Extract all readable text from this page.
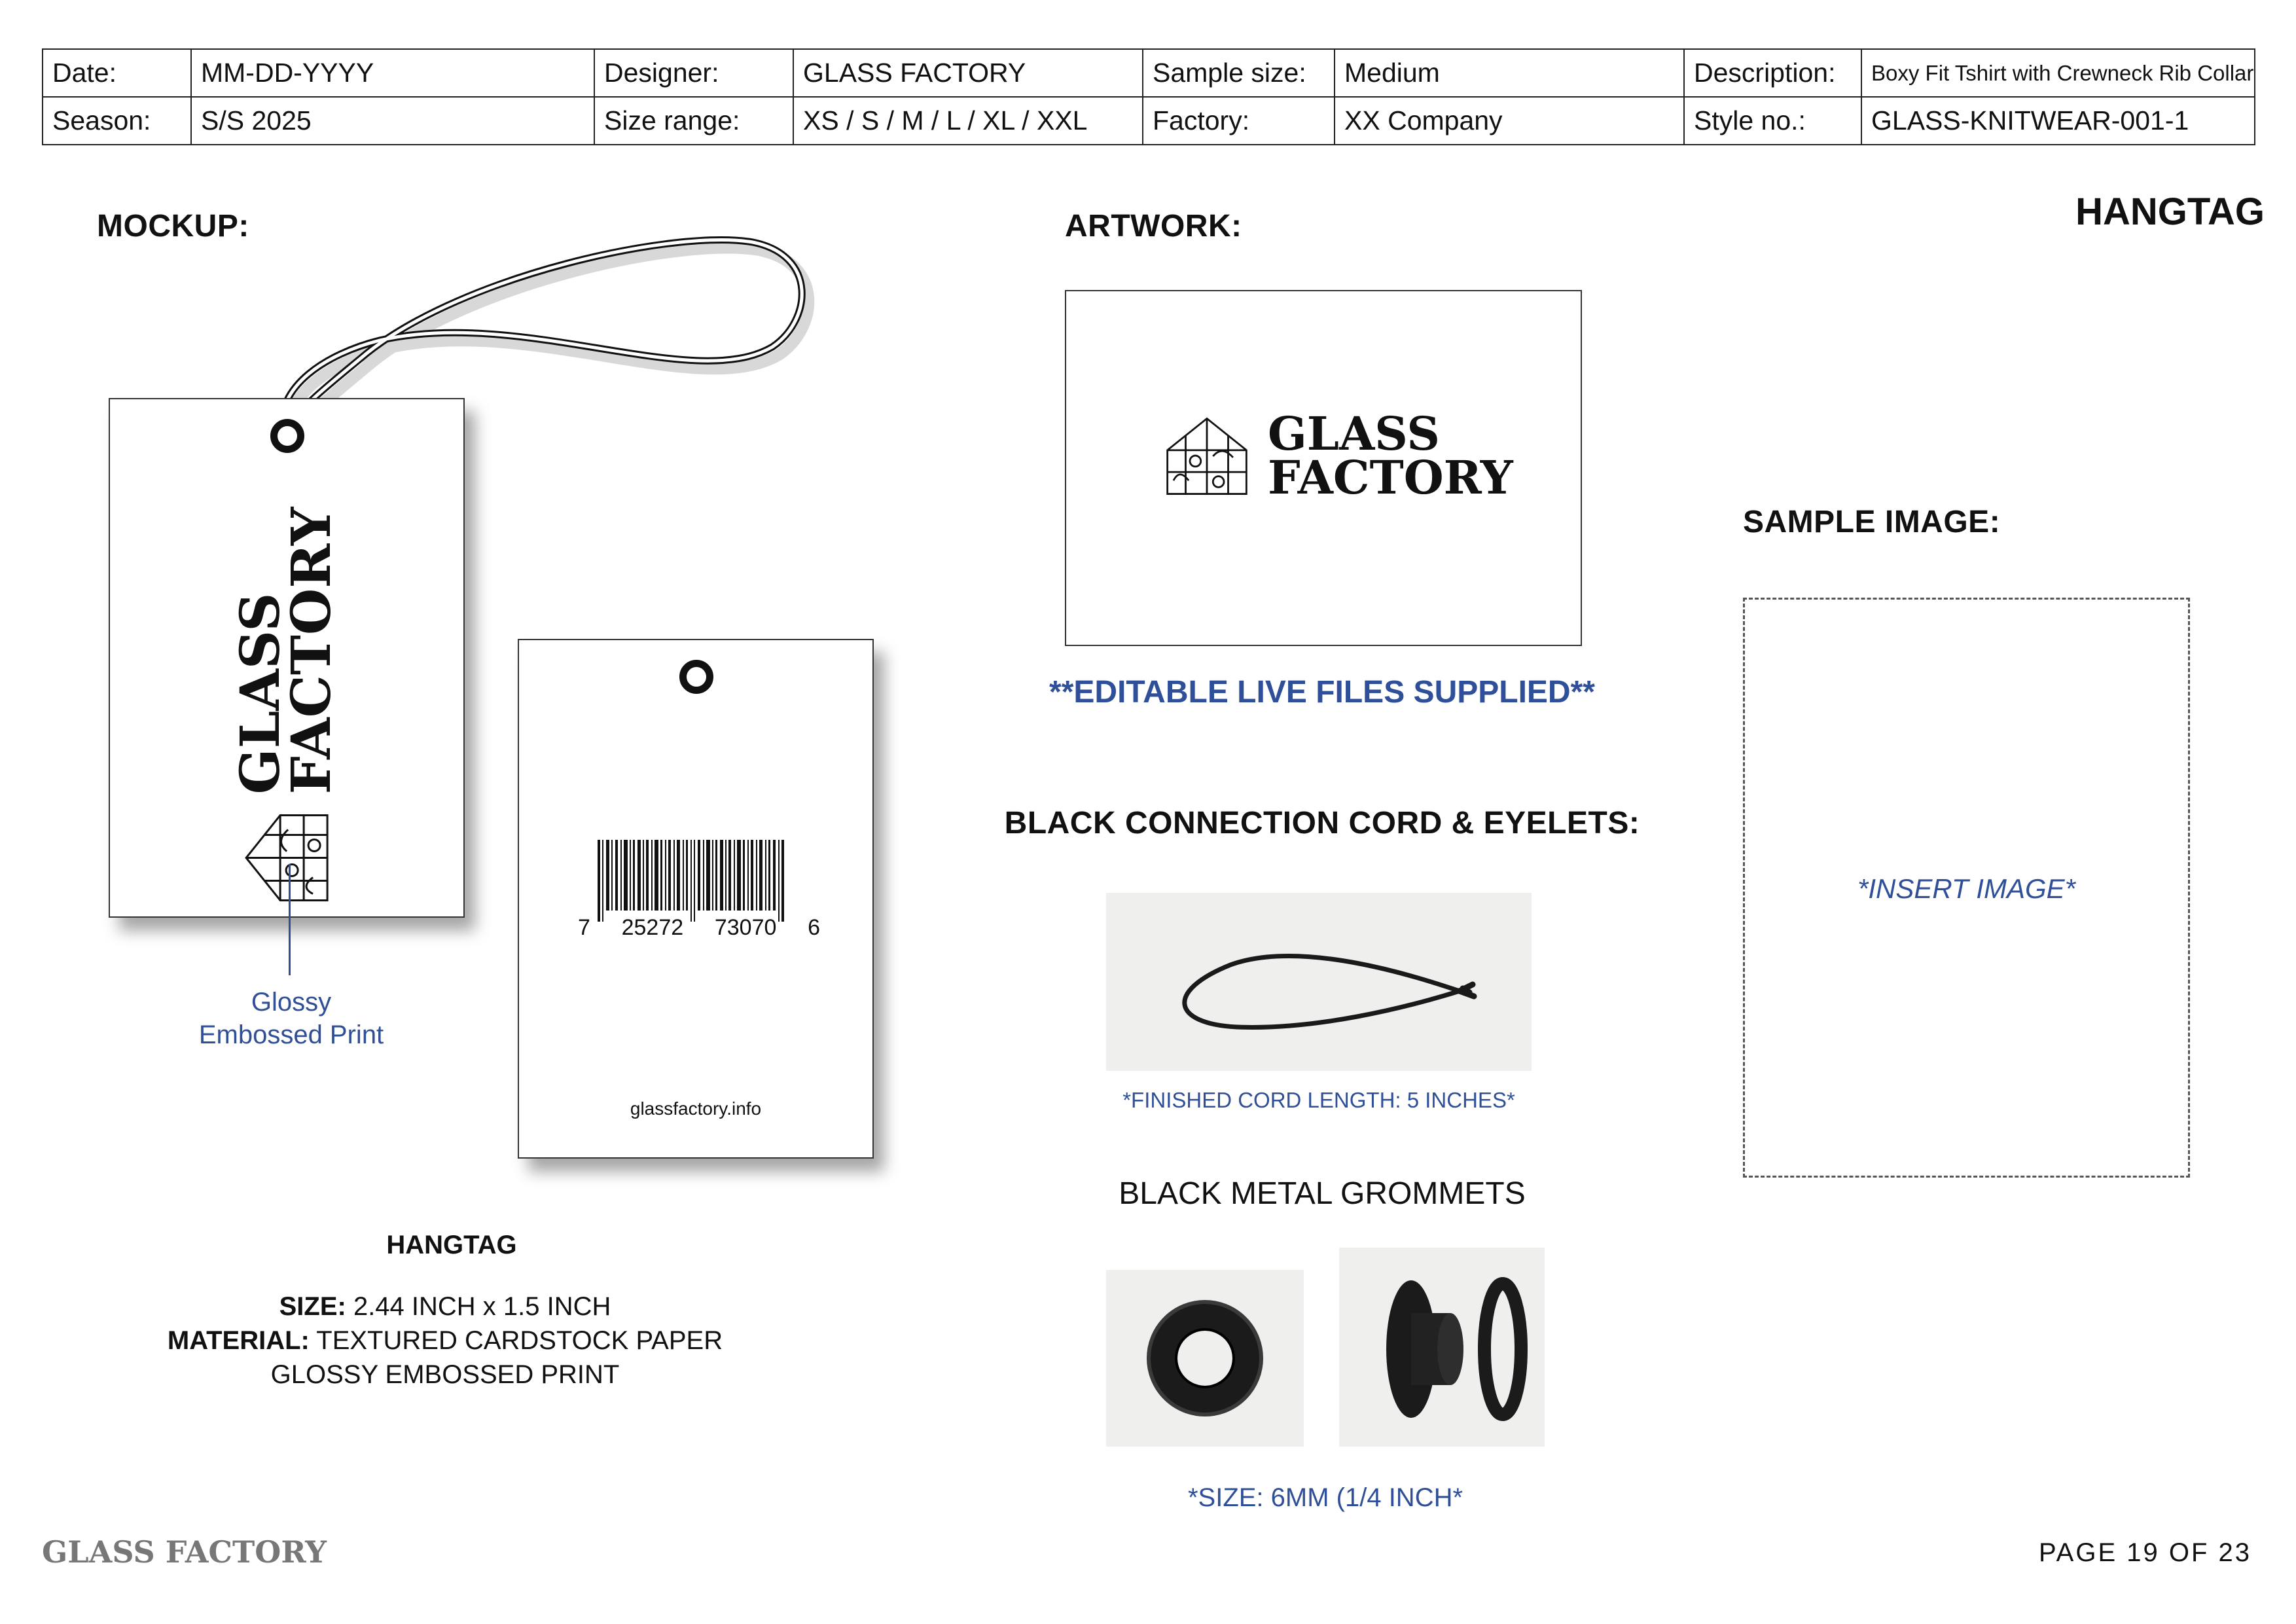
Date:	MM-DD-YYYY	Designer:	GLASS FACTORY	Sample size:	Medium	Description:	Boxy Fit Tshirt with Crewneck Rib Collar
Season:	S/S 2025	Size range:	XS / S / M / L / XL / XXL	Factory:	XX Company	Style no.:	GLASS-KNITWEAR-001-1
HANGTAG
MOCKUP:
GLASS
FACTORY
Glossy
Embossed Print
7 25272 73070 6
glassfactory.info
HANGTAG
SIZE: 2.44 INCH x 1.5 INCH
MATERIAL: TEXTURED CARDSTOCK PAPER
GLOSSY EMBOSSED PRINT
ARTWORK:
GLASS
FACTORY
**EDITABLE LIVE FILES SUPPLIED**
BLACK CONNECTION CORD & EYELETS:
*FINISHED CORD LENGTH: 5 INCHES*
BLACK METAL GROMMETS
*SIZE: 6MM (1/4 INCH*
SAMPLE IMAGE:
*INSERT IMAGE*
GLASS FACTORY	PAGE 19 OF 23
